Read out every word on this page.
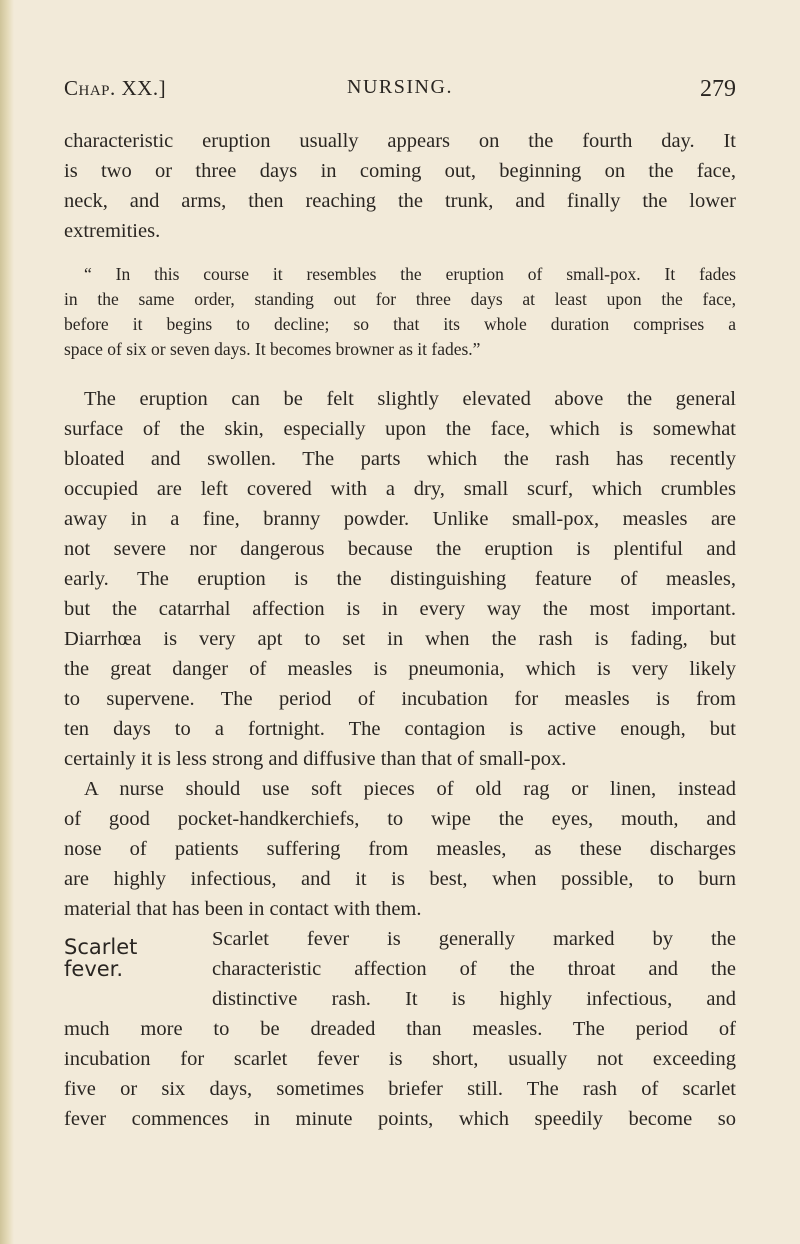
Chap. XX.]	NURSING.	279
characteristic eruption usually appears on the fourth day. It
is two or three days in coming out, beginning on the face,
neck, and arms, then reaching the trunk, and finally the lower
extremities.
“ In this course it resembles the eruption of small-pox. It fades
in the same order, standing out for three days at least upon the face,
before it begins to decline; so that its whole duration comprises a
space of six or seven days. It becomes browner as it fades.”
The eruption can be felt slightly elevated above the general
surface of the skin, especially upon the face, which is somewhat
bloated and swollen. The parts which the rash has recently
occupied are left covered with a dry, small scurf, which crumbles
away in a fine, branny powder. Unlike small-pox, measles are
not severe nor dangerous because the eruption is plentiful and
early. The eruption is the distinguishing feature of measles,
but the catarrhal affection is in every way the most important.
Diarrhœa is very apt to set in when the rash is fading, but
the great danger of measles is pneumonia, which is very likely
to supervene. The period of incubation for measles is from
ten days to a fortnight. The contagion is active enough, but
certainly it is less strong and diffusive than that of small-pox.
A nurse should use soft pieces of old rag or linen, instead
of good pocket-handkerchiefs, to wipe the eyes, mouth, and
nose of patients suffering from measles, as these discharges
are highly infectious, and it is best, when possible, to burn
material that has been in contact with them.
Scarlet
fever.
Scarlet fever is generally marked by the
characteristic affection of the throat and the
distinctive rash. It is highly infectious, and
much more to be dreaded than measles. The period of
incubation for scarlet fever is short, usually not exceeding
five or six days, sometimes briefer still. The rash of scarlet
fever commences in minute points, which speedily become so
